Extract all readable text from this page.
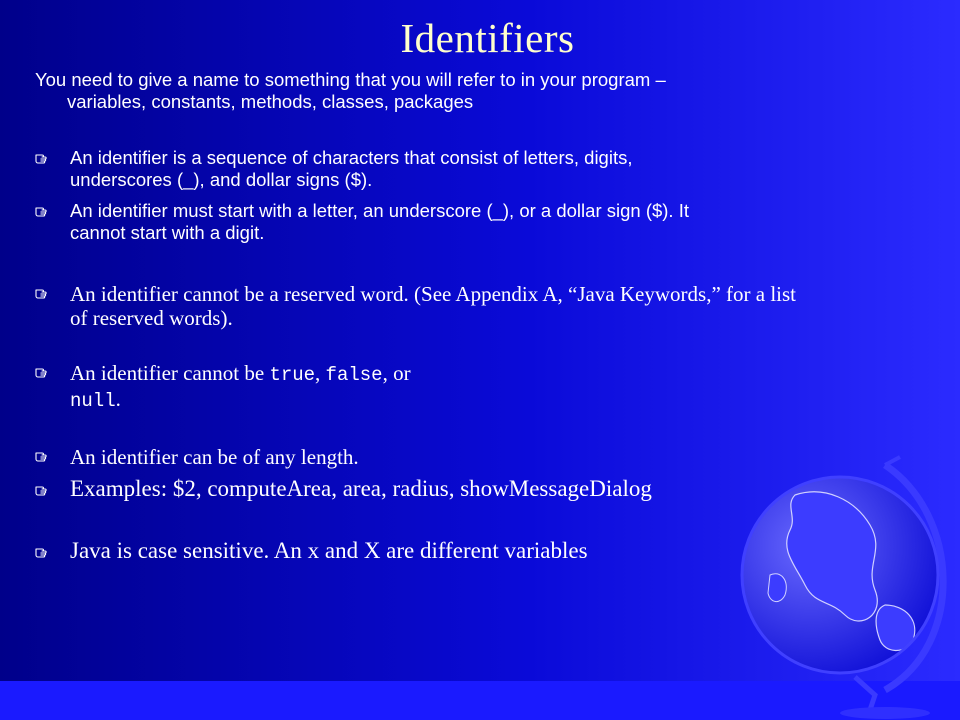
Identifiers
You need to give a name to something that you will refer to in your program –
variables, constants, methods, classes, packages
An identifier is a sequence of characters that consist of letters, digits,
underscores (_), and dollar signs ($).
An identifier must start with a letter, an underscore (_), or a dollar sign ($). It
cannot start with a digit.
An identifier cannot be a reserved word. (See Appendix A, “Java Keywords,” for a list
of reserved words).
An identifier cannot be true, false, or
null.
An identifier can be of any length.
Examples: $2, computeArea, area, radius, showMessageDialog
Java is case sensitive. An x and X are different variables
